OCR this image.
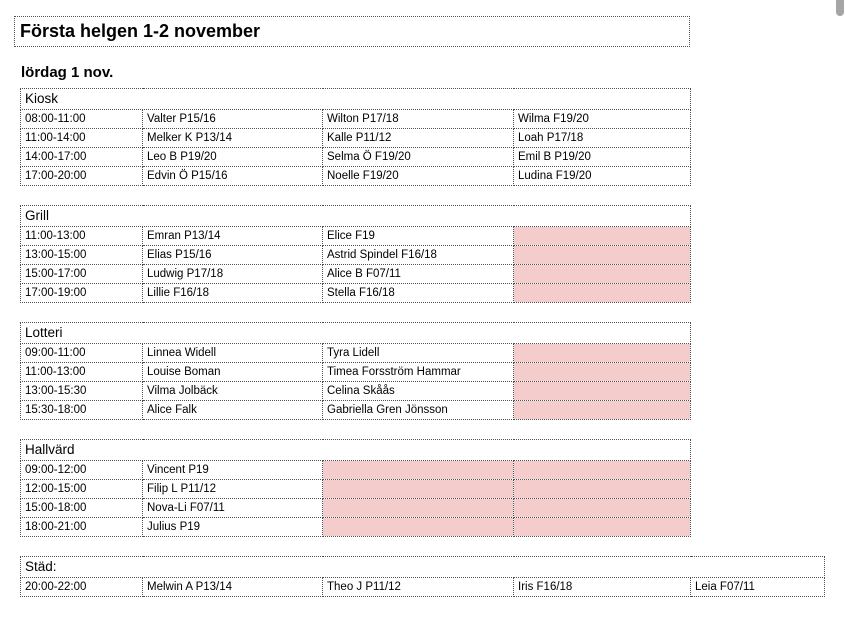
Första helgen 1-2 november
lördag 1 nov.
Kiosk			
08:00-11:00	Valter P15/16	Wilton P17/18	Wilma F19/20
11:00-14:00	Melker K P13/14	Kalle P11/12	Loah P17/18
14:00-17:00	Leo B P19/20	Selma Ö F19/20	Emil B P19/20
17:00-20:00	Edvin Ö P15/16	Noelle F19/20	Ludina F19/20
Grill			
11:00-13:00	Emran P13/14	Elice F19	
13:00-15:00	Elias P15/16	Astrid Spindel F16/18	
15:00-17:00	Ludwig P17/18	Alice B F07/11	
17:00-19:00	Lillie F16/18	Stella F16/18	
Lotteri			
09:00-11:00	Linnea Widell	Tyra Lidell	
11:00-13:00	Louise Boman	Timea Forsström Hammar	
13:00-15:30	Vilma Jolbäck	Celina Skåås	
15:30-18:00	Alice Falk	Gabriella Gren Jönsson	
Hallvärd			
09:00-12:00	Vincent P19		
12:00-15:00	Filip L P11/12		
15:00-18:00	Nova-Li F07/11		
18:00-21:00	Julius P19		
Städ:
20:00-22:00	Melwin A P13/14	Theo J P11/12	Iris F16/18	Leia F07/11
